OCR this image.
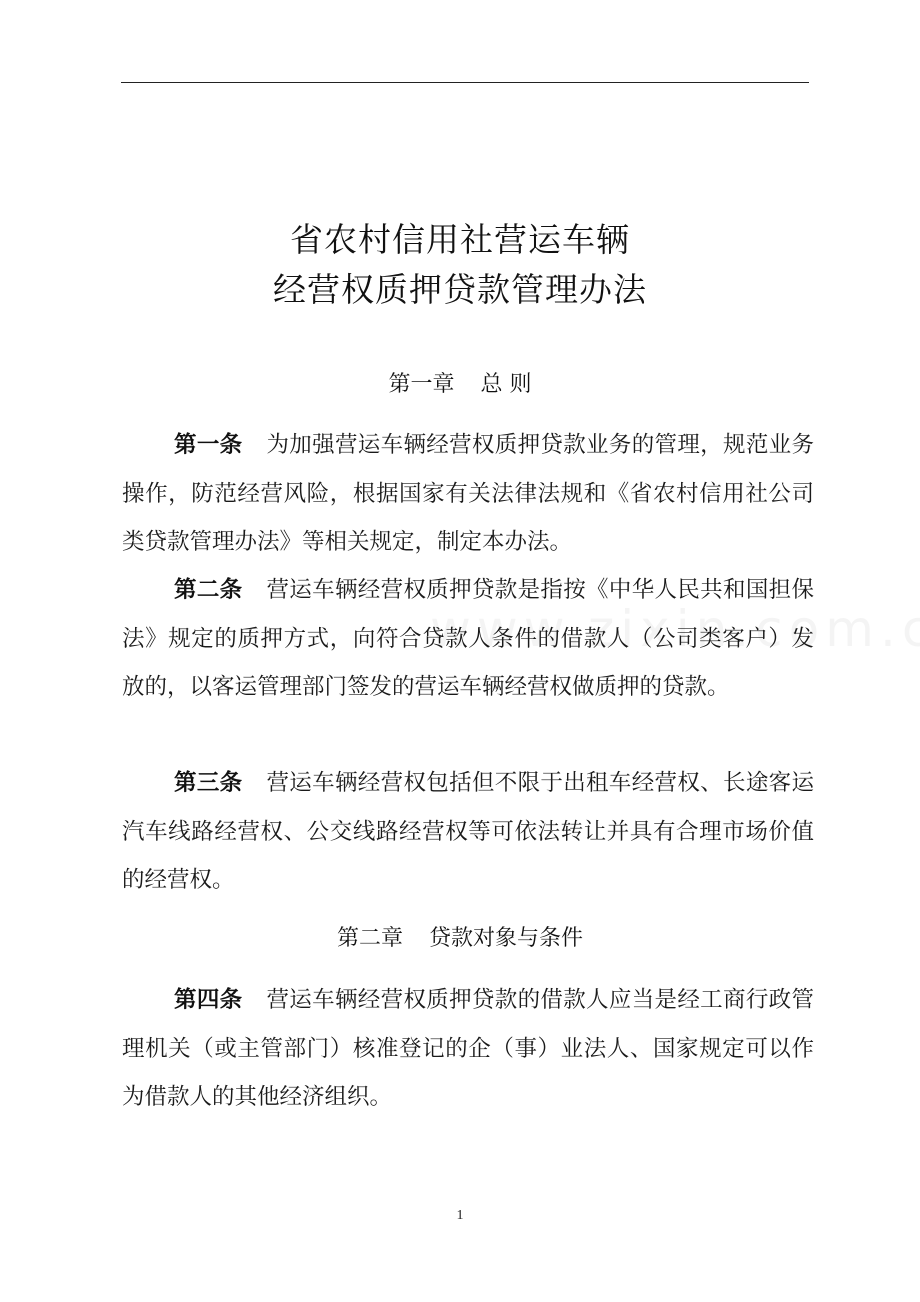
省农村信用社营运车辆
经营权质押贷款管理办法
第一章 总 则

第一条 为加强营运车辆经营权质押贷款业务的管理，规范业务操作，防范经营风险，根据国家有关法律法规和《省农村信用社公司类贷款管理办法》等相关规定，制定本办法。

第二条 营运车辆经营权质押贷款是指按《中华人民共和国担保法》规定的质押方式，向符合贷款人条件的借款人（公司类客户）发放的，以客运管理部门签发的营运车辆经营权做质押的贷款。

第三条 营运车辆经营权包括但不限于出租车经营权、长途客运汽车线路经营权、公交线路经营权等可依法转让并具有合理市场价值的经营权。

第二章 贷款对象与条件

第四条 营运车辆经营权质押贷款的借款人应当是经工商行政管理机关（或主管部门）核准登记的企（事）业法人、国家规定可以作为借款人的其他经济组织。

1
